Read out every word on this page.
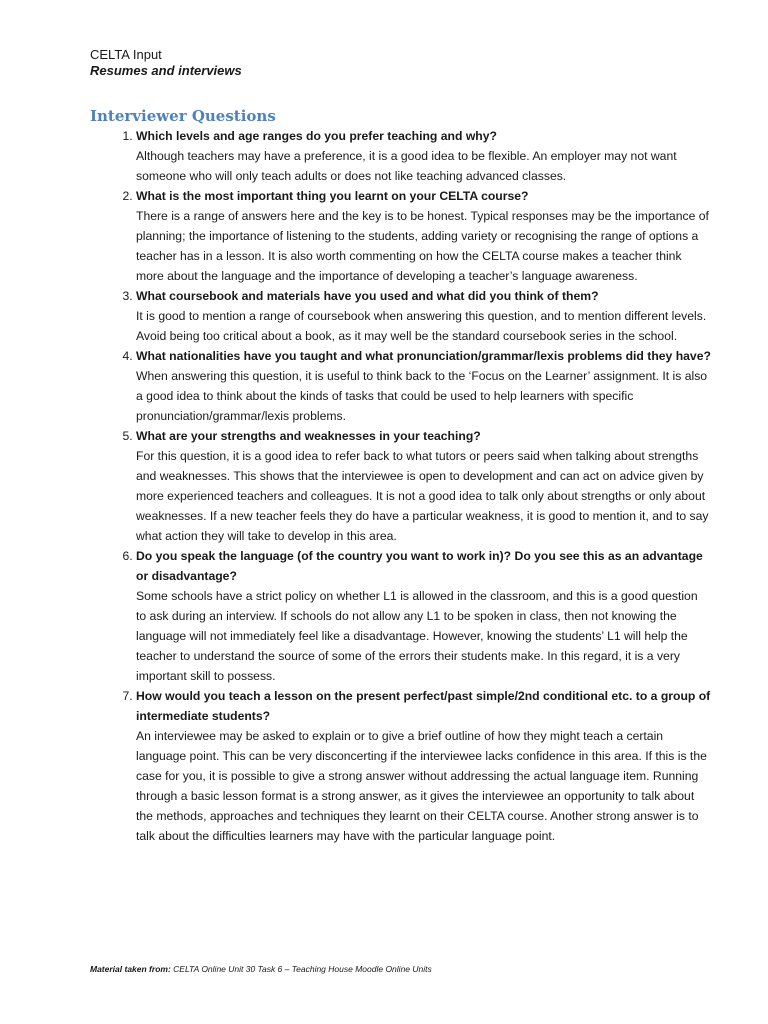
CELTA Input
Resumes and interviews
Interviewer Questions
1. Which levels and age ranges do you prefer teaching and why?
Although teachers may have a preference, it is a good idea to be flexible. An employer may not want someone who will only teach adults or does not like teaching advanced classes.
2. What is the most important thing you learnt on your CELTA course?
There is a range of answers here and the key is to be honest. Typical responses may be the importance of planning; the importance of listening to the students, adding variety or recognising the range of options a teacher has in a lesson. It is also worth commenting on how the CELTA course makes a teacher think more about the language and the importance of developing a teacher’s language awareness.
3. What coursebook and materials have you used and what did you think of them?
It is good to mention a range of coursebook when answering this question, and to mention different levels. Avoid being too critical about a book, as it may well be the standard coursebook series in the school.
4. What nationalities have you taught and what pronunciation/grammar/lexis problems did they have?
When answering this question, it is useful to think back to the ‘Focus on the Learner’ assignment. It is also a good idea to think about the kinds of tasks that could be used to help learners with specific pronunciation/grammar/lexis problems.
5. What are your strengths and weaknesses in your teaching?
For this question, it is a good idea to refer back to what tutors or peers said when talking about strengths and weaknesses. This shows that the interviewee is open to development and can act on advice given by more experienced teachers and colleagues. It is not a good idea to talk only about strengths or only about weaknesses. If a new teacher feels they do have a particular weakness, it is good to mention it, and to say what action they will take to develop in this area.
6. Do you speak the language (of the country you want to work in)? Do you see this as an advantage or disadvantage?
Some schools have a strict policy on whether L1 is allowed in the classroom, and this is a good question to ask during an interview. If schools do not allow any L1 to be spoken in class, then not knowing the language will not immediately feel like a disadvantage. However, knowing the students’ L1 will help the teacher to understand the source of some of the errors their students make. In this regard, it is a very important skill to possess.
7. How would you teach a lesson on the present perfect/past simple/2nd conditional etc. to a group of intermediate students?
An interviewee may be asked to explain or to give a brief outline of how they might teach a certain language point. This can be very disconcerting if the interviewee lacks confidence in this area. If this is the case for you, it is possible to give a strong answer without addressing the actual language item. Running through a basic lesson format is a strong answer, as it gives the interviewee an opportunity to talk about the methods, approaches and techniques they learnt on their CELTA course. Another strong answer is to talk about the difficulties learners may have with the particular language point.
Material taken from: CELTA Online Unit 30 Task 6 – Teaching House Moodle Online Units
